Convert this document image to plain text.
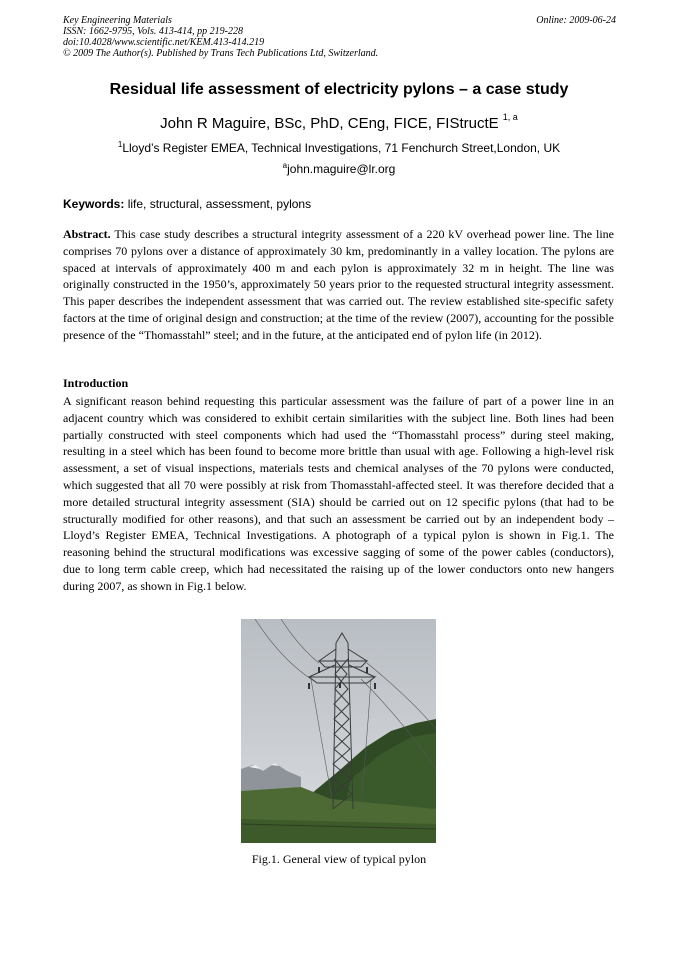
Key Engineering Materials	Online: 2009-06-24
ISSN: 1662-9795, Vols. 413-414, pp 219-228
doi:10.4028/www.scientific.net/KEM.413-414.219
© 2009 The Author(s). Published by Trans Tech Publications Ltd, Switzerland.
Residual life assessment of electricity pylons – a case study
John R Maguire, BSc, PhD, CEng, FICE, FIStructE $^{1, a}$
$^1$Lloyd’s Register EMEA, Technical Investigations, 71 Fenchurch Street,London, UK
$^a$john.maguire@lr.org
Keywords: life, structural, assessment, pylons
Abstract. This case study describes a structural integrity assessment of a 220 kV overhead power line. The line comprises 70 pylons over a distance of approximately 30 km, predominantly in a valley location. The pylons are spaced at intervals of approximately 400 m and each pylon is approximately 32 m in height. The line was originally constructed in the 1950’s, approximately 50 years prior to the requested structural integrity assessment. This paper describes the independent assessment that was carried out. The review established site-specific safety factors at the time of original design and construction; at the time of the review (2007), accounting for the possible presence of the “Thomasstahl” steel; and in the future, at the anticipated end of pylon life (in 2012).
Introduction
A significant reason behind requesting this particular assessment was the failure of part of a power line in an adjacent country which was considered to exhibit certain similarities with the subject line. Both lines had been partially constructed with steel components which had used the “Thomasstahl process” during steel making, resulting in a steel which has been found to become more brittle than usual with age. Following a high-level risk assessment, a set of visual inspections, materials tests and chemical analyses of the 70 pylons were conducted, which suggested that all 70 were possibly at risk from Thomasstahl-affected steel. It was therefore decided that a more detailed structural integrity assessment (SIA) should be carried out on 12 specific pylons (that had to be structurally modified for other reasons), and that such an assessment be carried out by an independent body – Lloyd’s Register EMEA, Technical Investigations. A photograph of a typical pylon is shown in Fig.1. The reasoning behind the structural modifications was excessive sagging of some of the power cables (conductors), due to long term cable creep, which had necessitated the raising up of the lower conductors onto new hangers during 2007, as shown in Fig.1 below.
Fig.1. General view of typical pylon
